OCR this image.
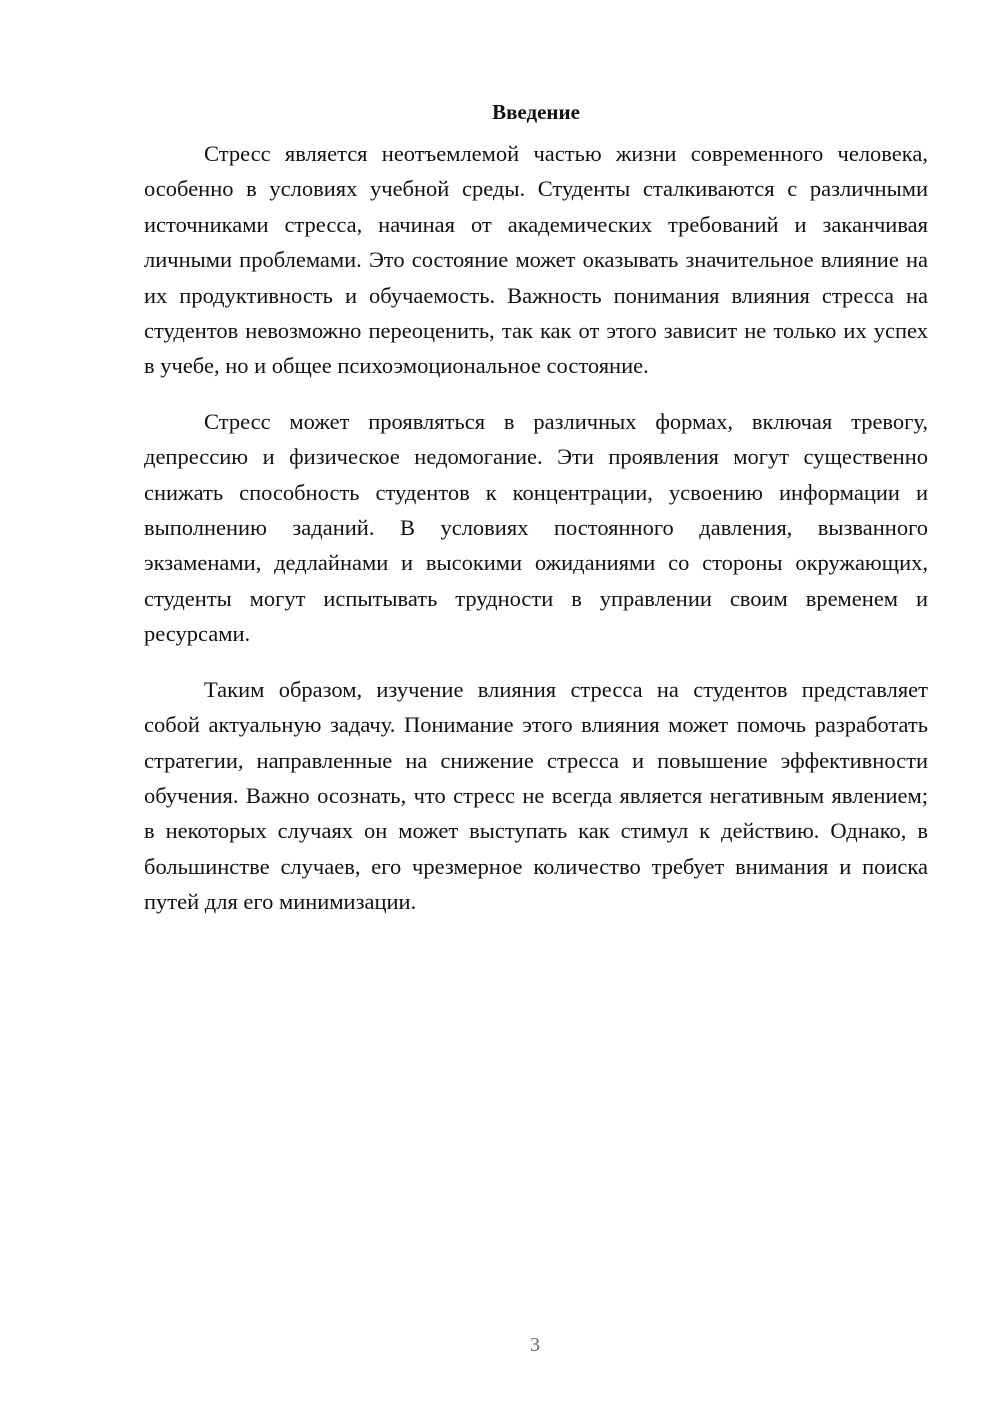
Введение

Стресс является неотъемлемой частью жизни современного человека, особенно в условиях учебной среды. Студенты сталкиваются с различными источниками стресса, начиная от академических требований и заканчивая личными проблемами. Это состояние может оказывать значительное влияние на их продуктивность и обучаемость. Важность понимания влияния стресса на студентов невозможно переоценить, так как от этого зависит не только их успех в учебе, но и общее психоэмоциональное состояние.

Стресс может проявляться в различных формах, включая тревогу, депрессию и физическое недомогание. Эти проявления могут существенно снижать способность студентов к концентрации, усвоению информации и выполнению заданий. В условиях постоянного давления, вызванного экзаменами, дедлайнами и высокими ожиданиями со стороны окружающих, студенты могут испытывать трудности в управлении своим временем и ресурсами.

Таким образом, изучение влияния стресса на студентов представляет собой актуальную задачу. Понимание этого влияния может помочь разработать стратегии, направленные на снижение стресса и повышение эффективности обучения. Важно осознать, что стресс не всегда является негативным явлением; в некоторых случаях он может выступать как стимул к действию. Однако, в большинстве случаев, его чрезмерное количество требует внимания и поиска путей для его минимизации.

3
